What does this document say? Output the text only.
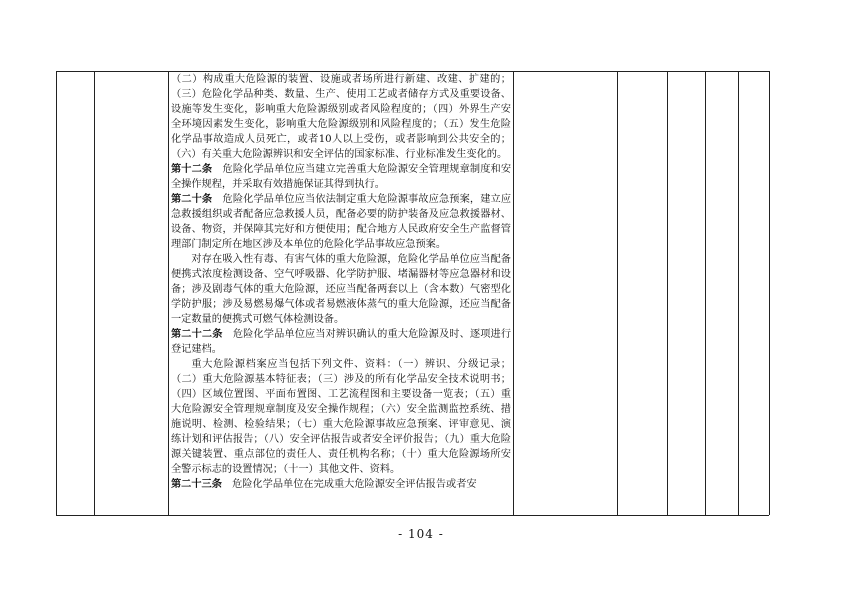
（二）构成重大危险源的装置、设施或者场所进行新建、改建、扩建的；（三）危险化学品种类、数量、生产、使用工艺或者储存方式及重要设备、设施等发生变化，影响重大危险源级别或者风险程度的；（四）外界生产安全环境因素发生变化，影响重大危险源级别和风险程度的；（五）发生危险化学品事故造成人员死亡，或者10人以上受伤，或者影响到公共安全的；（六）有关重大危险源辨识和安全评估的国家标准、行业标准发生变化的。

第十二条　危险化学品单位应当建立完善重大危险源安全管理规章制度和安全操作规程，并采取有效措施保证其得到执行。

第二十条　危险化学品单位应当依法制定重大危险源事故应急预案，建立应急救援组织或者配备应急救援人员，配备必要的防护装备及应急救援器材、设备、物资，并保障其完好和方便使用；配合地方人民政府安全生产监督管理部门制定所在地区涉及本单位的危险化学品事故应急预案。

对存在吸入性有毒、有害气体的重大危险源，危险化学品单位应当配备便携式浓度检测设备、空气呼吸器、化学防护服、堵漏器材等应急器材和设备；涉及剧毒气体的重大危险源，还应当配备两套以上（含本数）气密型化学防护服；涉及易燃易爆气体或者易燃液体蒸气的重大危险源，还应当配备一定数量的便携式可燃气体检测设备。

第二十二条　危险化学品单位应当对辨识确认的重大危险源及时、逐项进行登记建档。

重大危险源档案应当包括下列文件、资料：（一）辨识、分级记录；（二）重大危险源基本特征表；（三）涉及的所有化学品安全技术说明书；（四）区域位置图、平面布置图、工艺流程图和主要设备一览表；（五）重大危险源安全管理规章制度及安全操作规程；（六）安全监测监控系统、措施说明、检测、检验结果；（七）重大危险源事故应急预案、评审意见、演练计划和评估报告；（八）安全评估报告或者安全评价报告；（九）重大危险源关键装置、重点部位的责任人、责任机构名称；（十）重大危险源场所安全警示标志的设置情况；（十一）其他文件、资料。

第二十三条　危险化学品单位在完成重大危险源安全评估报告或者安

- 104 -
